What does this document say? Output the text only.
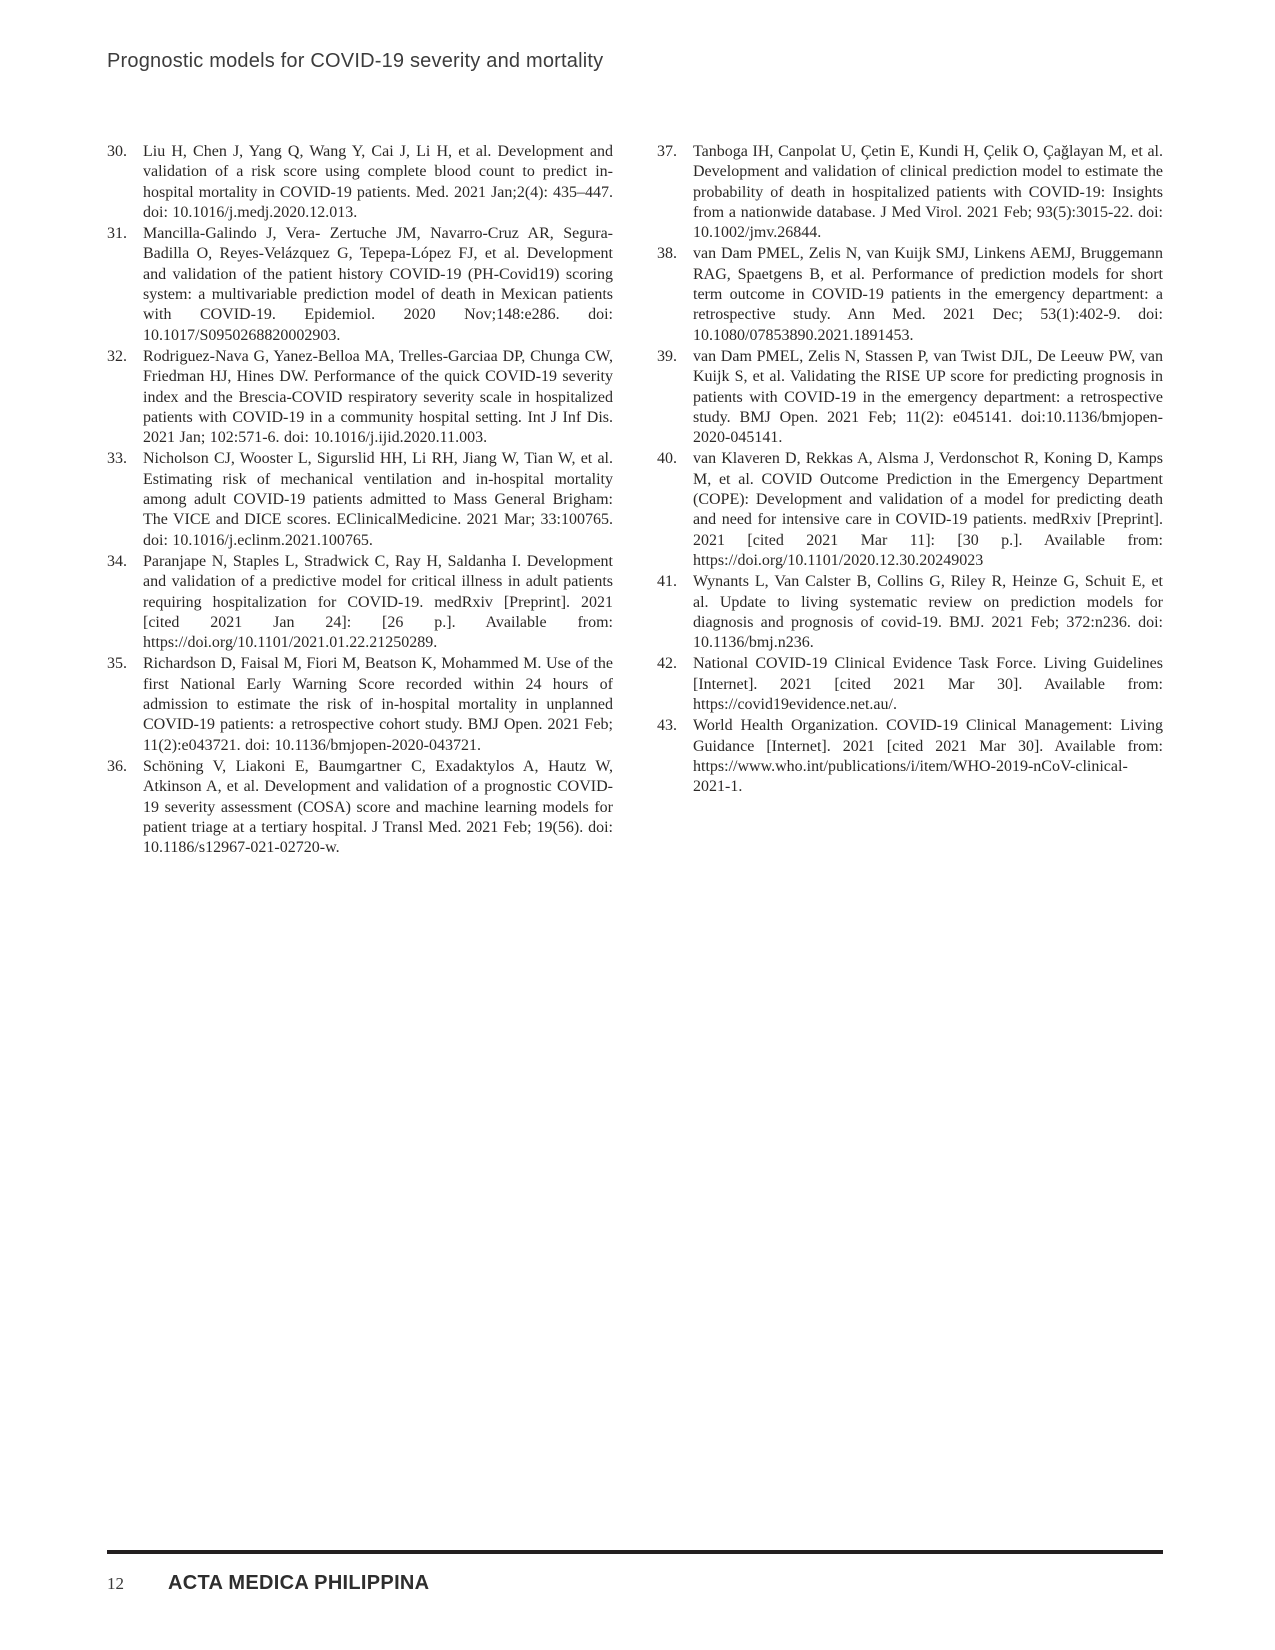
Prognostic models for COVID-19 severity and mortality
30. Liu H, Chen J, Yang Q, Wang Y, Cai J, Li H, et al. Development and validation of a risk score using complete blood count to predict in-hospital mortality in COVID-19 patients. Med. 2021 Jan;2(4): 435–447. doi: 10.1016/j.medj.2020.12.013.
31. Mancilla-Galindo J, Vera- Zertuche JM, Navarro-Cruz AR, Segura-Badilla O, Reyes-Velázquez G, Tepepa-López FJ, et al. Development and validation of the patient history COVID-19 (PH-Covid19) scoring system: a multivariable prediction model of death in Mexican patients with COVID-19. Epidemiol. 2020 Nov;148:e286. doi: 10.1017/S0950268820002903.
32. Rodriguez-Nava G, Yanez-Belloa MA, Trelles-Garciaa DP, Chunga CW, Friedman HJ, Hines DW. Performance of the quick COVID-19 severity index and the Brescia-COVID respiratory severity scale in hospitalized patients with COVID-19 in a community hospital setting. Int J Inf Dis. 2021 Jan; 102:571-6. doi: 10.1016/j.ijid.2020.11.003.
33. Nicholson CJ, Wooster L, Sigurslid HH, Li RH, Jiang W, Tian W, et al. Estimating risk of mechanical ventilation and in-hospital mortality among adult COVID-19 patients admitted to Mass General Brigham: The VICE and DICE scores. EClinicalMedicine. 2021 Mar; 33:100765. doi: 10.1016/j.eclinm.2021.100765.
34. Paranjape N, Staples L, Stradwick C, Ray H, Saldanha I. Development and validation of a predictive model for critical illness in adult patients requiring hospitalization for COVID-19. medRxiv [Preprint]. 2021 [cited 2021 Jan 24]: [26 p.]. Available from: https://doi.org/10.1101/2021.01.22.21250289.
35. Richardson D, Faisal M, Fiori M, Beatson K, Mohammed M. Use of the first National Early Warning Score recorded within 24 hours of admission to estimate the risk of in-hospital mortality in unplanned COVID-19 patients: a retrospective cohort study. BMJ Open. 2021 Feb; 11(2):e043721. doi: 10.1136/bmjopen-2020-043721.
36. Schöning V, Liakoni E, Baumgartner C, Exadaktylos A, Hautz W, Atkinson A, et al. Development and validation of a prognostic COVID-19 severity assessment (COSA) score and machine learning models for patient triage at a tertiary hospital. J Transl Med. 2021 Feb; 19(56). doi: 10.1186/s12967-021-02720-w.
37. Tanboga IH, Canpolat U, Çetin E, Kundi H, Çelik O, Çağlayan M, et al. Development and validation of clinical prediction model to estimate the probability of death in hospitalized patients with COVID-19: Insights from a nationwide database. J Med Virol. 2021 Feb; 93(5):3015-22. doi: 10.1002/jmv.26844.
38. van Dam PMEL, Zelis N, van Kuijk SMJ, Linkens AEMJ, Bruggemann RAG, Spaetgens B, et al. Performance of prediction models for short term outcome in COVID-19 patients in the emergency department: a retrospective study. Ann Med. 2021 Dec; 53(1):402-9. doi: 10.1080/07853890.2021.1891453.
39. van Dam PMEL, Zelis N, Stassen P, van Twist DJL, De Leeuw PW, van Kuijk S, et al. Validating the RISE UP score for predicting prognosis in patients with COVID-19 in the emergency department: a retrospective study. BMJ Open. 2021 Feb; 11(2): e045141. doi:10.1136/bmjopen-2020-045141.
40. van Klaveren D, Rekkas A, Alsma J, Verdonschot R, Koning D, Kamps M, et al. COVID Outcome Prediction in the Emergency Department (COPE): Development and validation of a model for predicting death and need for intensive care in COVID-19 patients. medRxiv [Preprint]. 2021 [cited 2021 Mar 11]: [30 p.]. Available from: https://doi.org/10.1101/2020.12.30.20249023
41. Wynants L, Van Calster B, Collins G, Riley R, Heinze G, Schuit E, et al. Update to living systematic review on prediction models for diagnosis and prognosis of covid-19. BMJ. 2021 Feb; 372:n236. doi: 10.1136/bmj.n236.
42. National COVID-19 Clinical Evidence Task Force. Living Guidelines [Internet]. 2021 [cited 2021 Mar 30]. Available from: https://covid19evidence.net.au/.
43. World Health Organization. COVID-19 Clinical Management: Living Guidance [Internet]. 2021 [cited 2021 Mar 30]. Available from: https://www.who.int/publications/i/item/WHO-2019-nCoV-clinical-2021-1.
12	ACTA MEDICA PHILIPPINA
